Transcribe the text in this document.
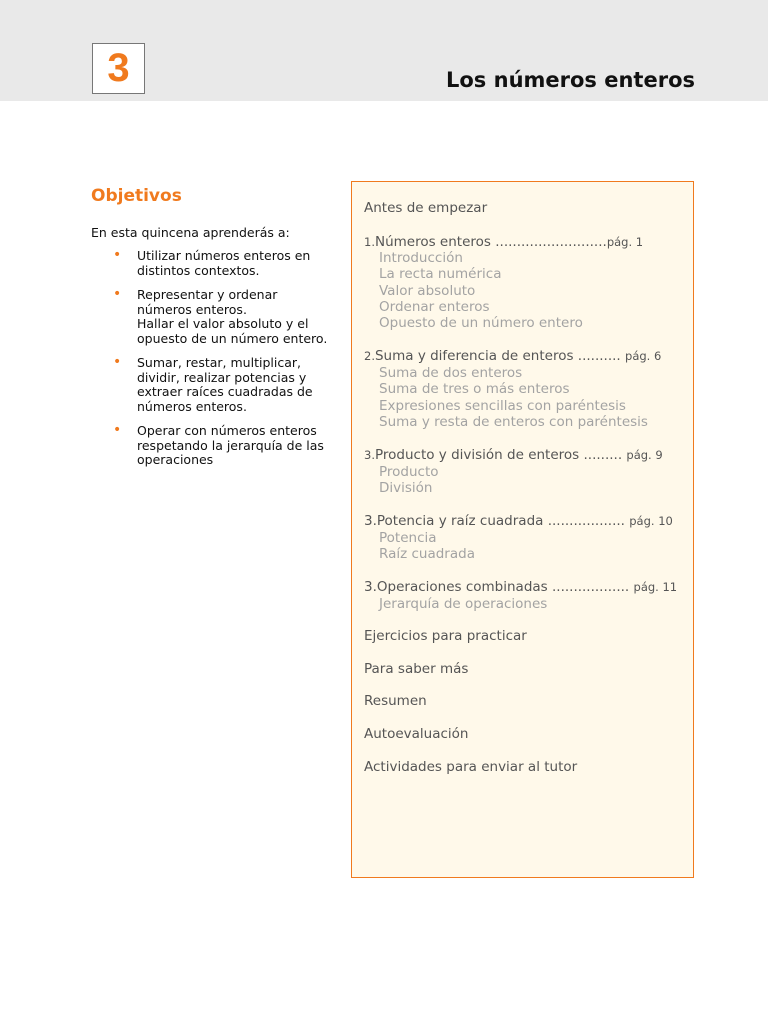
3	Los números enteros
Objetivos
En esta quincena aprenderás a:
• Utilizar números enteros en
distintos contextos.
• Representar y ordenar
números enteros.
Hallar el valor absoluto y el
opuesto de un número entero.
• Sumar, restar, multiplicar,
dividir, realizar potencias y
extraer raíces cuadradas de
números enteros.
• Operar con números enteros
respetando la jerarquía de las
operaciones
Antes de empezar
1.Números enteros ..........................pág. 1
Introducción
La recta numérica
Valor absoluto
Ordenar enteros
Opuesto de un número entero
2.Suma y diferencia de enteros .......... pág. 6
Suma de dos enteros
Suma de tres o más enteros
Expresiones sencillas con paréntesis
Suma y resta de enteros con paréntesis
3.Producto y división de enteros ......... pág. 9
Producto
División
3.Potencia y raíz cuadrada .................. pág. 10
Potencia
Raíz cuadrada
3.Operaciones combinadas .................. pág. 11
Jerarquía de operaciones
Ejercicios para practicar
Para saber más
Resumen
Autoevaluación
Actividades para enviar al tutor
